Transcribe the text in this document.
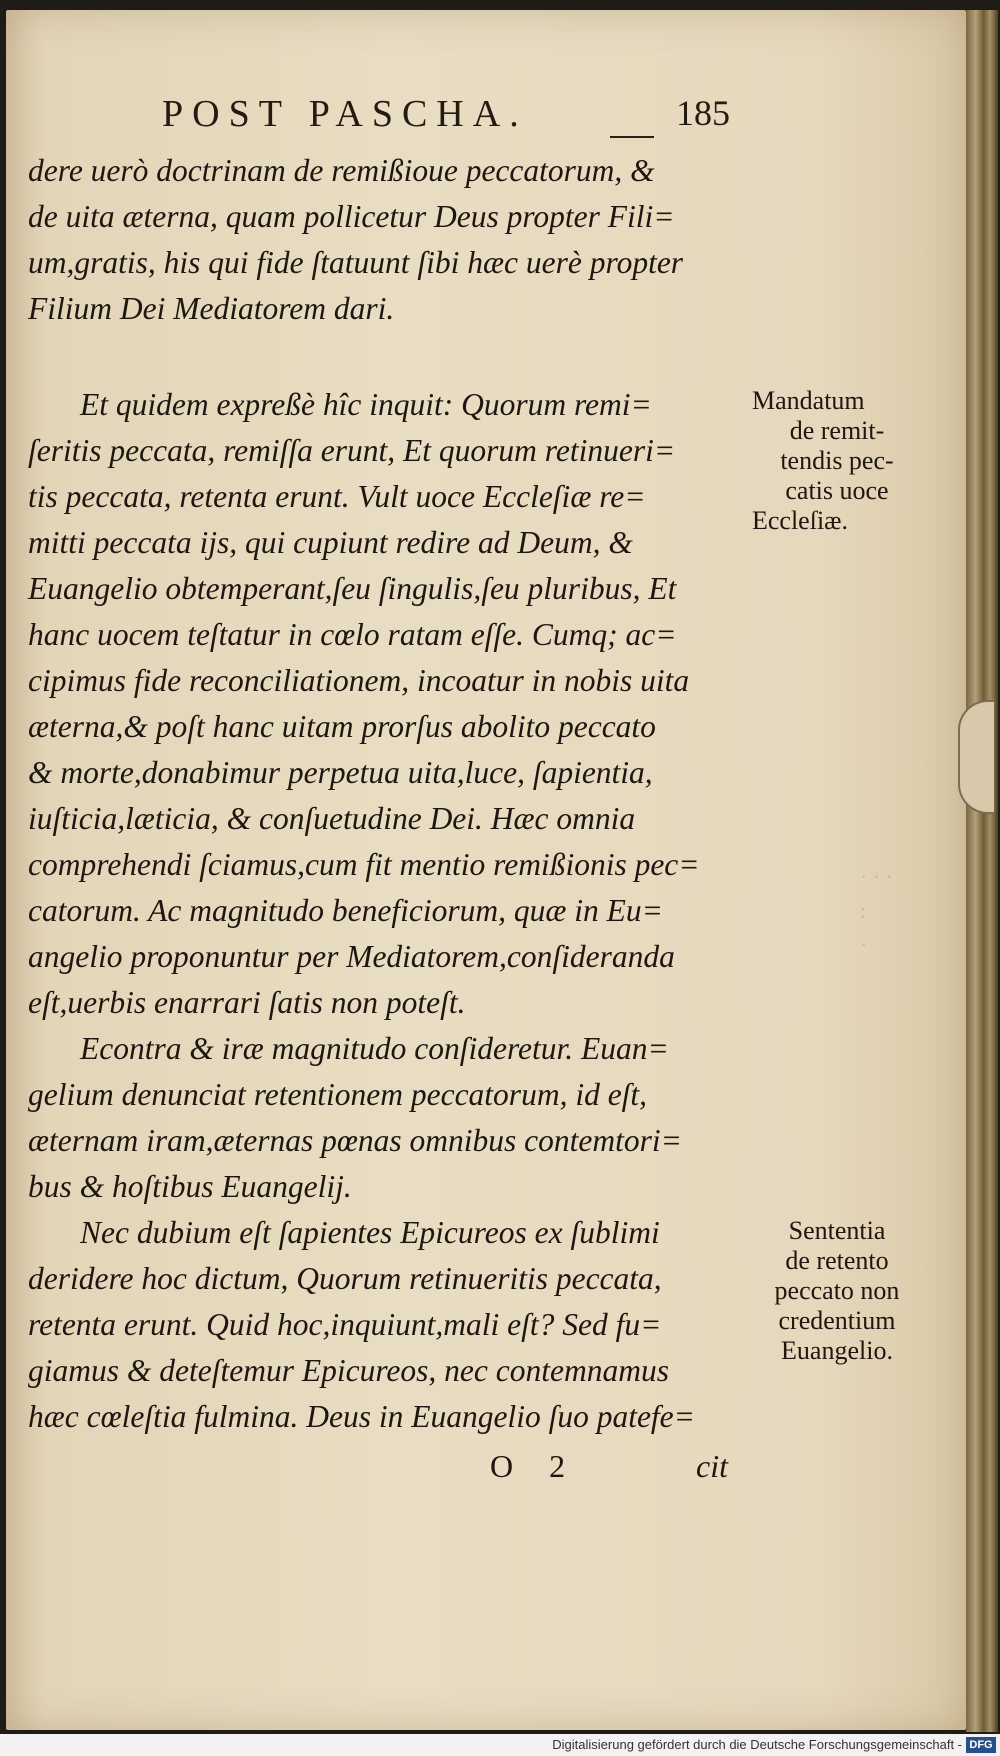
· · ·
:
·
POST PASCHA.	185
dere uerò doctrinam de remißioue peccatorum, &
de uita æterna, quam pollicetur Deus propter Fili=
um,gratis, his qui fide ſtatuunt ſibi hæc uerè propter
Filium Dei Mediatorem dari.
Et quidem expreßè hîc inquit: Quorum remi=
ſeritis peccata, remiſſa erunt, Et quorum retinueri=
tis peccata, retenta erunt. Vult uoce Eccleſiæ re=
mitti peccata ijs, qui cupiunt redire ad Deum, &
Euangelio obtemperant,ſeu ſingulis,ſeu pluribus, Et
hanc uocem teſtatur in cœlo ratam eſſe. Cumq; ac=
cipimus fide reconciliationem, incoatur in nobis uita
æterna,& poſt hanc uitam prorſus abolito peccato
& morte,donabimur perpetua uita,luce, ſapientia,
iuſticia,læticia, & conſuetudine Dei. Hæc omnia
comprehendi ſciamus,cum fit mentio remißionis pec=
catorum. Ac magnitudo beneficiorum, quæ in Eu=
angelio proponuntur per Mediatorem,conſideranda
eſt,uerbis enarrari ſatis non poteſt.
Econtra & iræ magnitudo conſideretur. Euan=
gelium denunciat retentionem peccatorum, id eſt,
æternam iram,æternas pœnas omnibus contemtori=
bus & hoſtibus Euangelij.
Nec dubium eſt ſapientes Epicureos ex ſublimi
deridere hoc dictum, Quorum retinueritis peccata,
retenta erunt. Quid hoc,inquiunt,mali eſt? Sed fu=
giamus & deteſtemur Epicureos, nec contemnamus
hæc cœleſtia fulmina. Deus in Euangelio ſuo patefe=
O 2	cit
Mandatum
de remit-
tendis pec-
catis uoce
Eccleſiæ.
Sententia
de retento
peccato non
credentium
Euangelio.
Digitalisierung gefördert durch die Deutsche Forschungsgemeinschaft - DFG
